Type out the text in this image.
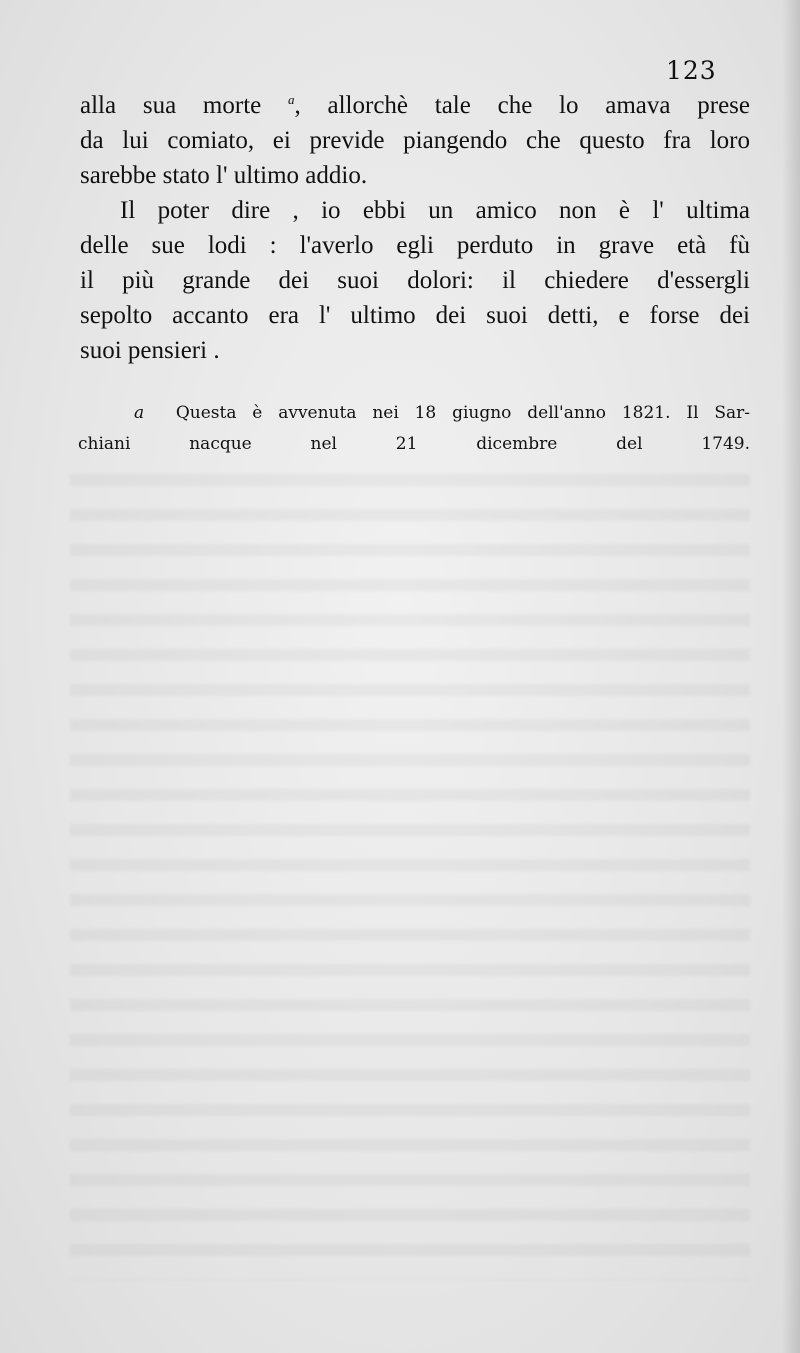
123
alla sua morte $^a$, allorchè tale che lo amava prese
da lui comiato, ei previde piangendo che questo fra loro
sarebbe stato l' ultimo addio.
Il poter dire , io ebbi un amico non è l' ultima
delle sue lodi : l'averlo egli perduto in grave età fù
il più grande dei suoi dolori: il chiedere d'essergli
sepolto accanto era l' ultimo dei suoi detti, e forse dei
suoi pensieri .
a Questa è avvenuta nei 18 giugno dell'anno 1821. Il Sar-
chiani nacque nel 21 dicembre del 1749.
